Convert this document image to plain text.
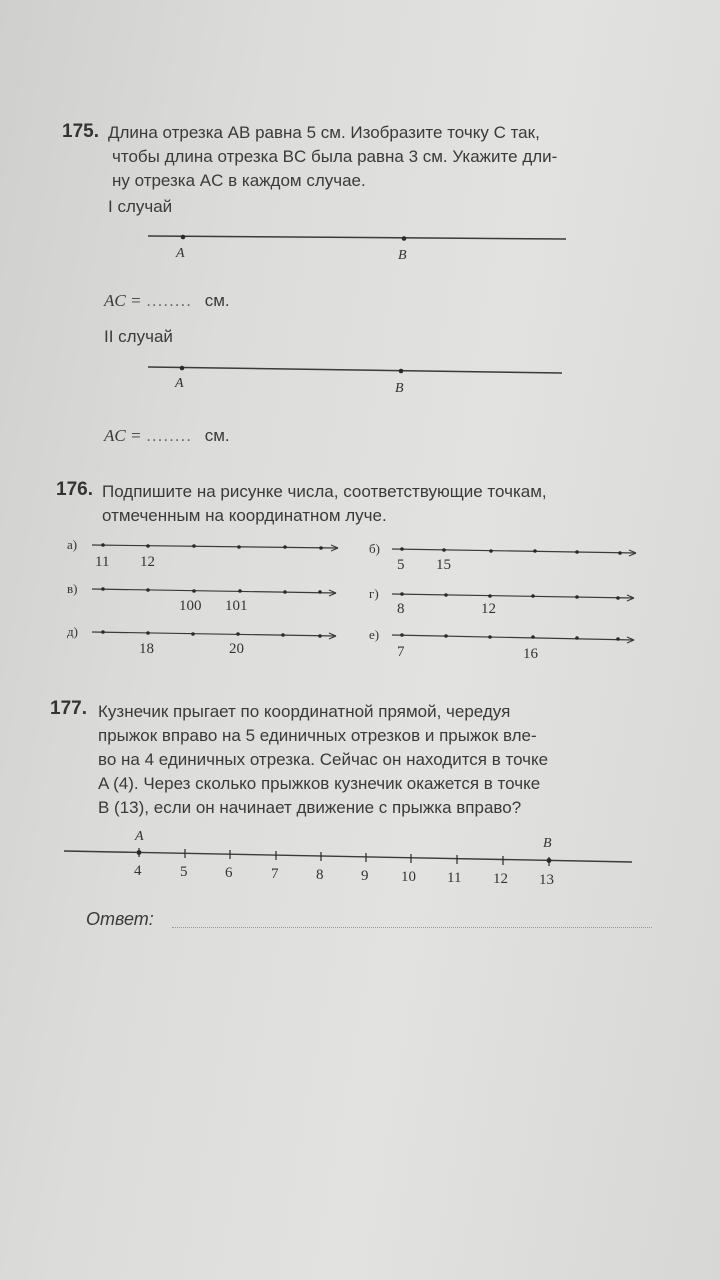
175. Длина отрезка AB равна 5 см. Изобразите точку C так,
чтобы длина отрезка BC была равна 3 см. Укажите дли-
ну отрезка AC в каждом случае.
I случай
A	B
AC = ........ см.
II случай
A	B
AC = ........ см.
176. Подпишите на рисунке числа, соответствующие точкам,
отмеченным на координатном луче.
а)
11 12
б)
5 15
в)
100 101
г)
8	12
д)
18	20
е)
7	16
177. Кузнечик прыгает по координатной прямой, чередуя
прыжок вправо на 5 единичных отрезков и прыжок вле-
во на 4 единичных отрезка. Сейчас он находится в точке
A (4). Через сколько прыжков кузнечик окажется в точке
B (13), если он начинает движение с прыжка вправо?
A	B
4	5	6	7	8	9 10 11 12 13
Ответ:
